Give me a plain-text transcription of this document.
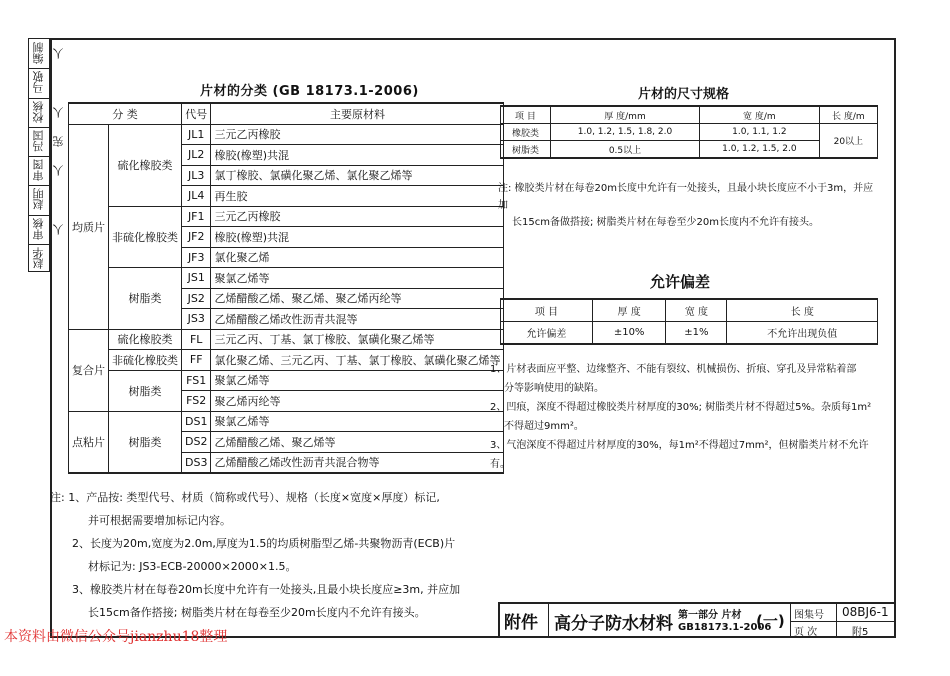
编制人
马敬
校核人
冯国宪
审图人
赵明
审核人
赵华
片材的分类 (GB 18173.1-2006)
分 类		代号	主要原材料
均质片	硫化橡胶类	JL1	三元乙丙橡胶
		JL2	橡胶(橡塑)共混
		JL3	氯丁橡胶、氯磺化聚乙烯、氯化聚乙烯等
		JL4	再生胶
	非硫化橡胶类	JF1	三元乙丙橡胶
		JF2	橡胶(橡塑)共混
		JF3	氯化聚乙烯
	树脂类	JS1	聚氯乙烯等
		JS2	乙烯醋酸乙烯、聚乙烯、聚乙烯丙纶等
		JS3	乙烯醋酸乙烯改性沥青共混等
复合片	硫化橡胶类	FL	三元乙丙、丁基、氯丁橡胶、氯磺化聚乙烯等
	非硫化橡胶类	FF	氯化聚乙烯、三元乙丙、丁基、氯丁橡胶、氯磺化聚乙烯等
	树脂类	FS1	聚氯乙烯等
		FS2	聚乙烯丙纶等
点粘片	树脂类	DS1	聚氯乙烯等
		DS2	乙烯醋酸乙烯、聚乙烯等
		DS3	乙烯醋酸乙烯改性沥青共混合物等
注: 1、产品按: 类型代号、材质（简称或代号）、规格（长度×宽度×厚度）标记,
并可根据需要增加标记内容。
2、长度为20m,宽度为2.0m,厚度为1.5的均质树脂型乙烯-共聚物沥青(ECB)片
材标记为: JS3-ECB-20000×2000×1.5。
3、橡胶类片材在每卷20m长度中允许有一处接头,且最小块长度应≥3m, 并应加
长15cm备作搭接; 树脂类片材在每卷至少20m长度内不允许有接头。
片材的尺寸规格
项 目	厚 度/mm	宽 度/m	长 度/m
橡胶类	1.0, 1.2, 1.5, 1.8, 2.0	1.0, 1.1, 1.2	20以上
树脂类	0.5以上	1.0, 1.2, 1.5, 2.0	
注: 橡胶类片材在每卷20m长度中允许有一处接头，且最小块长度应不小于3m，并应加
长15cm备做搭接; 树脂类片材在每卷至少20m长度内不允许有接头。
允许偏差
项 目	厚 度	宽 度	长 度
允许偏差	±10%	±1%	不允许出现负值
1、片材表面应平整、边缘整齐、不能有裂纹、机械损伤、折痕、穿孔及异常粘着部
分等影响使用的缺陷。
2、凹痕，深度不得超过橡胶类片材厚度的30%; 树脂类片材不得超过5%。杂质每1m²
不得超过9mm²。
3、气泡深度不得超过片材厚度的30%，每1m²不得超过7mm²，但树脂类片材不允许有。
附件 高分子防水材料 第一部分 片材
GB18173.1-2006
(一) 图集号 08BJ6-1
页 次	附5
本资料由微信公众号jianzhu18整理
